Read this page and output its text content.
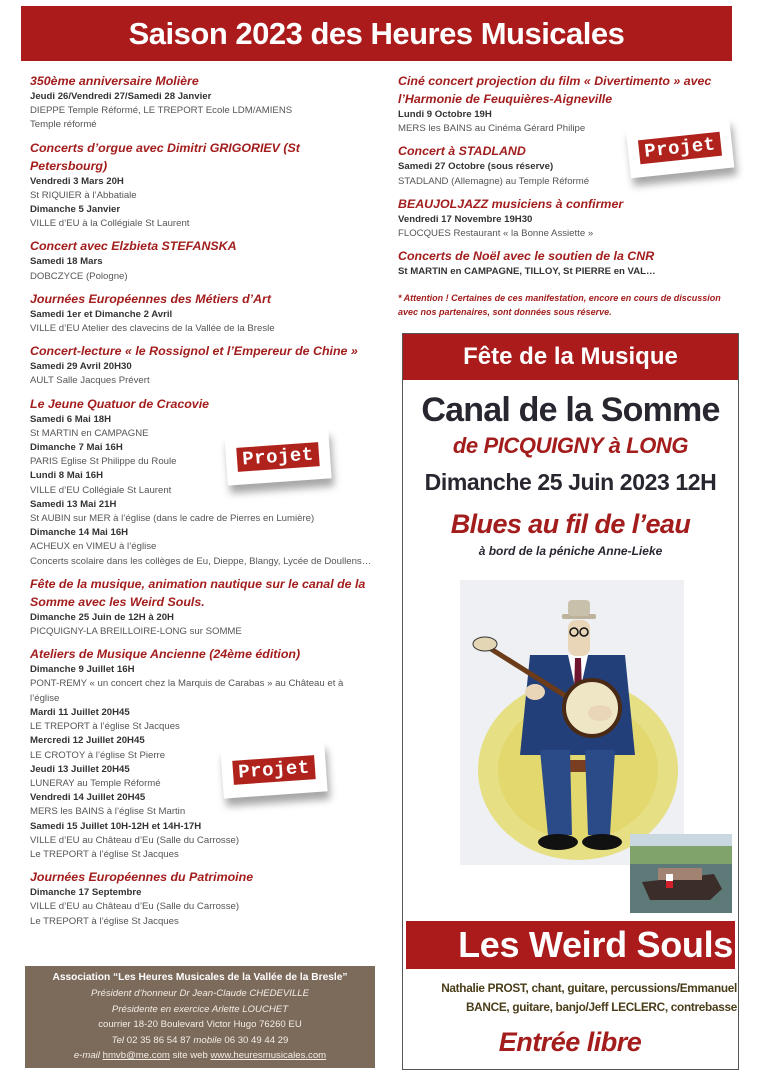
Saison 2023 des Heures Musicales
350ème anniversaire Molière
Jeudi 26/Vendredi 27/Samedi 28 Janvier
DIEPPE Temple Réformé, LE TREPORT Ecole LDM/AMIENS
Temple réformé
Concerts d’orgue avec Dimitri GRIGORIEV (St Petersbourg)
Vendredi 3 Mars 20H
St RIQUIER à l’Abbatiale
Dimanche 5 Janvier
VILLE d’EU à la Collégiale St Laurent
Concert avec Elzbieta STEFANSKA
Samedi 18 Mars
DOBCZYCE (Pologne)
Journées Européennes des Métiers d’Art
Samedi 1er et Dimanche 2 Avril
VILLE d’EU Atelier des clavecins de la Vallée de la Bresle
Concert-lecture « le Rossignol et l’Empereur de Chine »
Samedi 29 Avril 20H30
AULT Salle Jacques Prévert
Le Jeune Quatuor de Cracovie
Samedi 6 Mai 18H
St MARTIN en CAMPAGNE
Dimanche 7 Mai 16H
PARIS Eglise St Philippe du Roule
Lundi 8 Mai 16H
VILLE d’EU Collégiale St Laurent
Samedi 13 Mai 21H
St AUBIN sur MER à l’église (dans le cadre de Pierres en Lumière)
Dimanche 14 Mai 16H
ACHEUX en VIMEU à l’église
Concerts scolaire dans les collèges de Eu, Dieppe, Blangy, Lycée de Doullens…
Fête de la musique, animation nautique sur le canal de la Somme avec les Weird Souls.
Dimanche 25 Juin de 12H à 20H
PICQUIGNY-LA BREILLOIRE-LONG sur SOMME
Ateliers de Musique Ancienne (24ème édition)
Dimanche 9 Juillet 16H
PONT-REMY « un concert chez la Marquis de Carabas » au Château et à l’église
Mardi 11 Juillet 20H45
LE TREPORT à l’église St Jacques
Mercredi 12 Juillet 20H45
LE CROTOY à l’église St Pierre
Jeudi 13 Juillet 20H45
LUNERAY au Temple Réformé
Vendredi 14 Juillet 20H45
MERS les BAINS à l’église St Martin
Samedi 15 Juillet 10H-12H et 14H-17H
VILLE d’EU au Château d’Eu (Salle du Carrosse)
Le TREPORT à l’église St Jacques
Journées Européennes du Patrimoine
Dimanche 17 Septembre
VILLE d’EU au Château d’Eu (Salle du Carrosse)
Le TREPORT à l’église St Jacques
Ciné concert projection du film « Divertimento » avec l’Harmonie de Feuquières-Aigneville
Lundi 9 Octobre 19H
MERS les BAINS au Cinéma Gérard Philipe
Concert à STADLAND
Samedi 27 Octobre (sous réserve)
STADLAND (Allemagne) au Temple Réformé
BEAUJOLJAZZ musiciens à confirmer
Vendredi 17 Novembre 19H30
FLOCQUES Restaurant « la Bonne Assiette »
Concerts de Noël avec le soutien de la CNR
St MARTIN en CAMPAGNE, TILLOY, St PIERRE en VAL…
* Attention ! Certaines de ces manifestation, encore en cours de discussion avec nos partenaires, sont données sous réserve.
Projet
Projet
Projet
Fête de la Musique
Canal de la Somme
de PICQUIGNY à LONG
Dimanche 25 Juin 2023 12H
Blues au fil de l’eau
à bord de la péniche Anne-Lieke
Les Weird Souls
Nathalie PROST, chant, guitare, percussions/Emmanuel
BANCE, guitare, banjo/Jeff LECLERC, contrebasse
Entrée libre
Association “Les Heures Musicales de la Vallée de la Bresle”
Président d’honneur Dr Jean-Claude CHEDEVILLE
Présidente en exercice Arlette LOUCHET
courrier 18-20 Boulevard Victor Hugo 76260 EU
Tel 02 35 86 54 87 mobile 06 30 49 44 29
e-mail hmvb@me.com site web www.heuresmusicales.com
